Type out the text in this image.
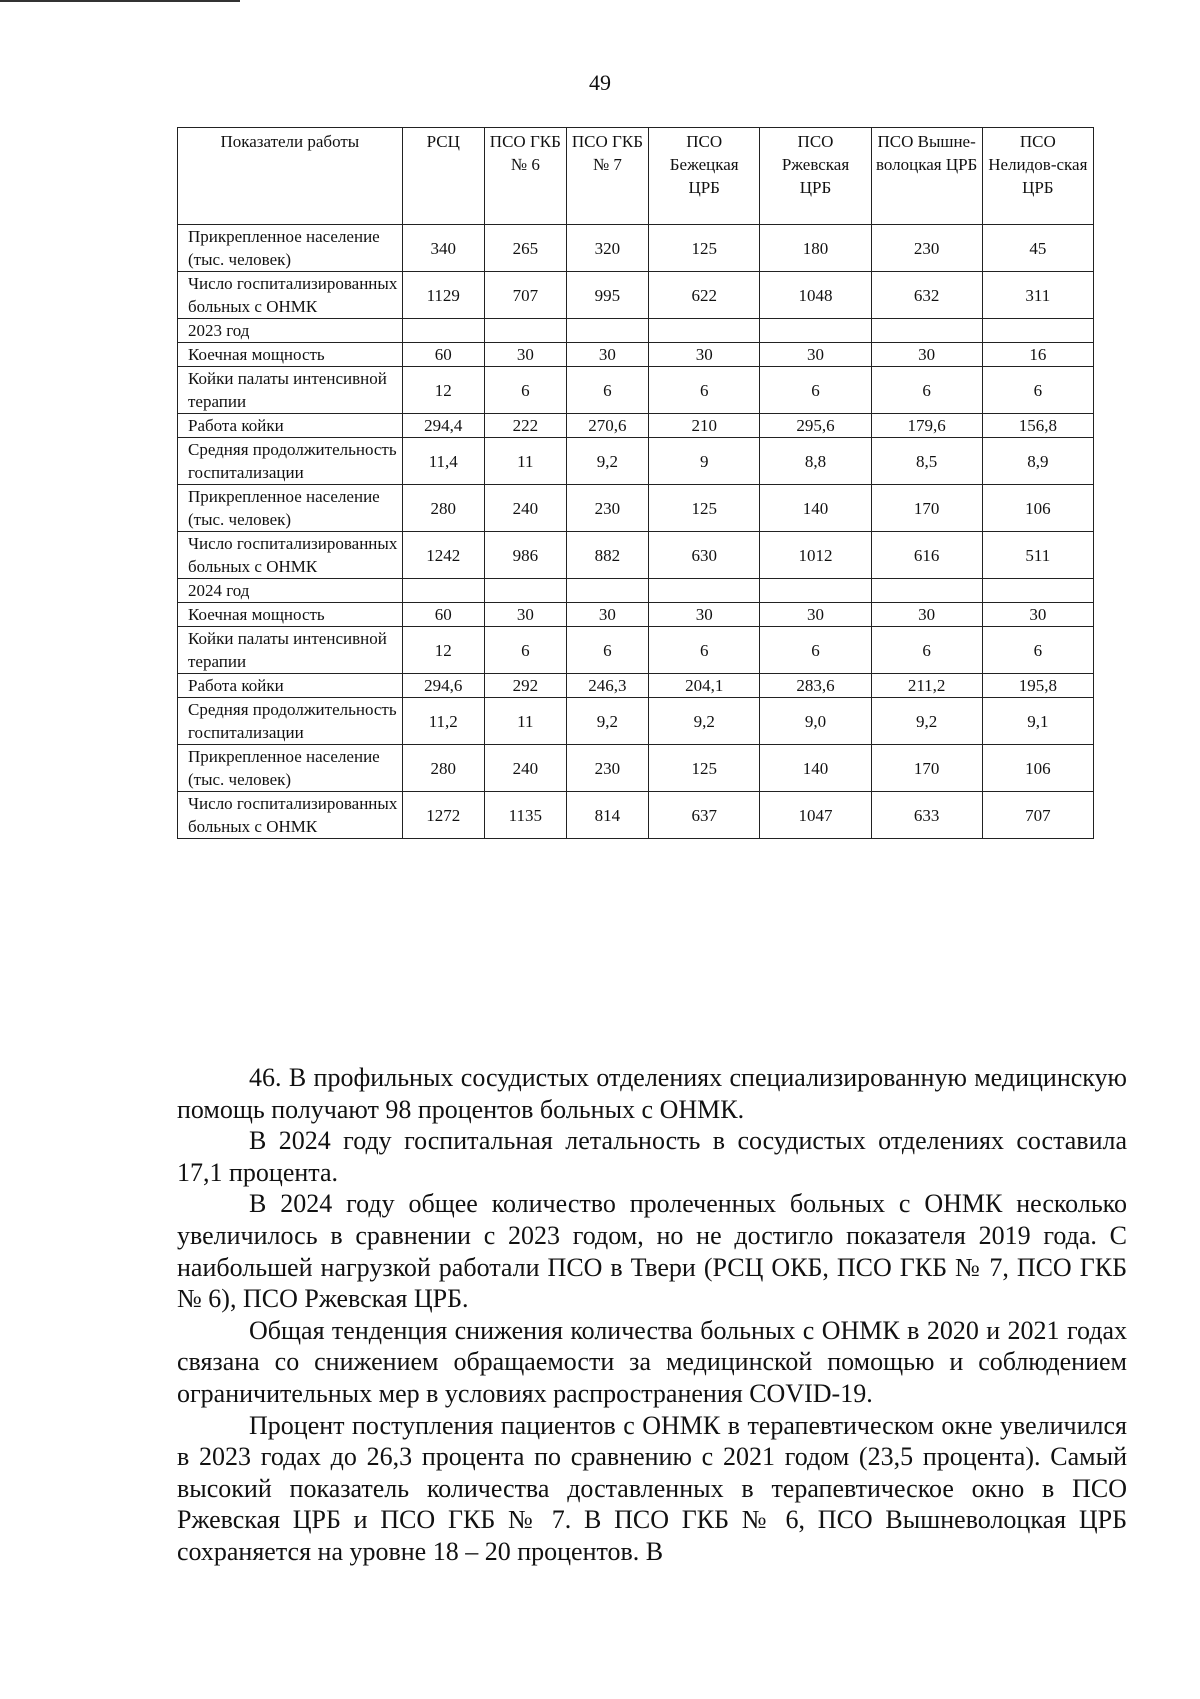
49
Показатели работы	РСЦ	ПСО ГКБ № 6	ПСО ГКБ № 7	ПСО Бежецкая ЦРБ	ПСО Ржевская ЦРБ	ПСО Вышне-волоцкая ЦРБ	ПСО Нелидов-ская ЦРБ
Прикрепленное население (тыс. человек)	340	265	320	125	180	230	45
Число госпитализированных больных с ОНМК	1129	707	995	622	1048	632	311
2023 год							
Коечная мощность	60	30	30	30	30	30	16
Койки палаты интенсивной терапии	12	6	6	6	6	6	6
Работа койки	294,4	222	270,6	210	295,6	179,6	156,8
Средняя продолжительность госпитализации	11,4	11	9,2	9	8,8	8,5	8,9
Прикрепленное население (тыс. человек)	280	240	230	125	140	170	106
Число госпитализированных больных с ОНМК	1242	986	882	630	1012	616	511
2024 год							
Коечная мощность	60	30	30	30	30	30	30
Койки палаты интенсивной терапии	12	6	6	6	6	6	6
Работа койки	294,6	292	246,3	204,1	283,6	211,2	195,8
Средняя продолжительность госпитализации	11,2	11	9,2	9,2	9,0	9,2	9,1
Прикрепленное население (тыс. человек)	280	240	230	125	140	170	106
Число госпитализированных больных с ОНМК	1272	1135	814	637	1047	633	707

46. В профильных сосудистых отделениях специализированную медицинскую помощь получают 98 процентов больных с ОНМК.

В 2024 году госпитальная летальность в сосудистых отделениях составила 17,1 процента.

В 2024 году общее количество пролеченных больных с ОНМК несколько увеличилось в сравнении с 2023 годом, но не достигло показателя 2019 года. С наибольшей нагрузкой работали ПСО в Твери (РСЦ ОКБ, ПСО ГКБ № 7, ПСО ГКБ № 6), ПСО Ржевская ЦРБ.

Общая тенденция снижения количества больных с ОНМК в 2020 и 2021 годах связана со снижением обращаемости за медицинской помощью и соблюдением ограничительных мер в условиях распространения COVID-19.

Процент поступления пациентов с ОНМК в терапевтическом окне увеличился в 2023 годах до 26,3 процента по сравнению с 2021 годом (23,5 процента). Самый высокий показатель количества доставленных в терапевтическое окно в ПСО Ржевская ЦРБ и ПСО ГКБ № 7. В ПСО ГКБ № 6, ПСО Вышневолоцкая ЦРБ сохраняется на уровне 18 – 20 процентов. В
